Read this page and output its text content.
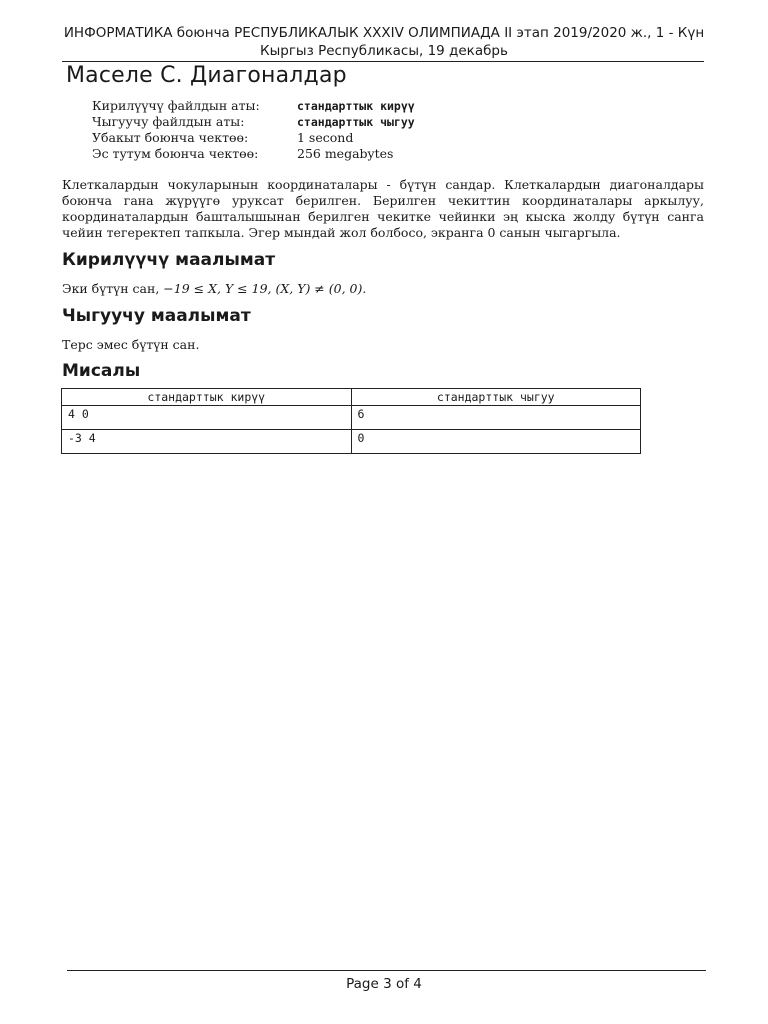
ИНФОРМАТИКА боюнча РЕСПУБЛИКАЛЫК XXXIV ОЛИМПИАДА II этап 2019/2020 ж., 1 - Күн
Кыргыз Республикасы, 19 декабрь
Маселе C. Диагоналдар
Кирилүүчү файлдын аты:	стандарттык кирүү
Чыгуучу файлдын аты:	стандарттык чыгуу
Убакыт боюнча чектөө:	1 second
Эс тутум боюнча чектөө:	256 megabytes
Клеткалардын чокуларынын координаталары - бүтүн сандар. Клеткалардын диагоналдары боюнча гана жүрүүгө уруксат берилген. Берилген чекиттин координаталары аркылуу, координаталардын башталышынан берилген чекитке чейинки эң кыска жолду бүтүн санга чейин тегеректеп тапкыла. Эгер мындай жол болбосо, экранга 0 санын чыгаргыла.
Кирилүүчү маалымат
Эки бүтүн сан, −19 ≤ X, Y ≤ 19, (X, Y) ≠ (0, 0).
Чыгуучу маалымат
Терс эмес бүтүн сан.
Мисалы
стандарттык кирүү	стандарттык чыгуу
4 0	6
-3 4	0
Page 3 of 4
